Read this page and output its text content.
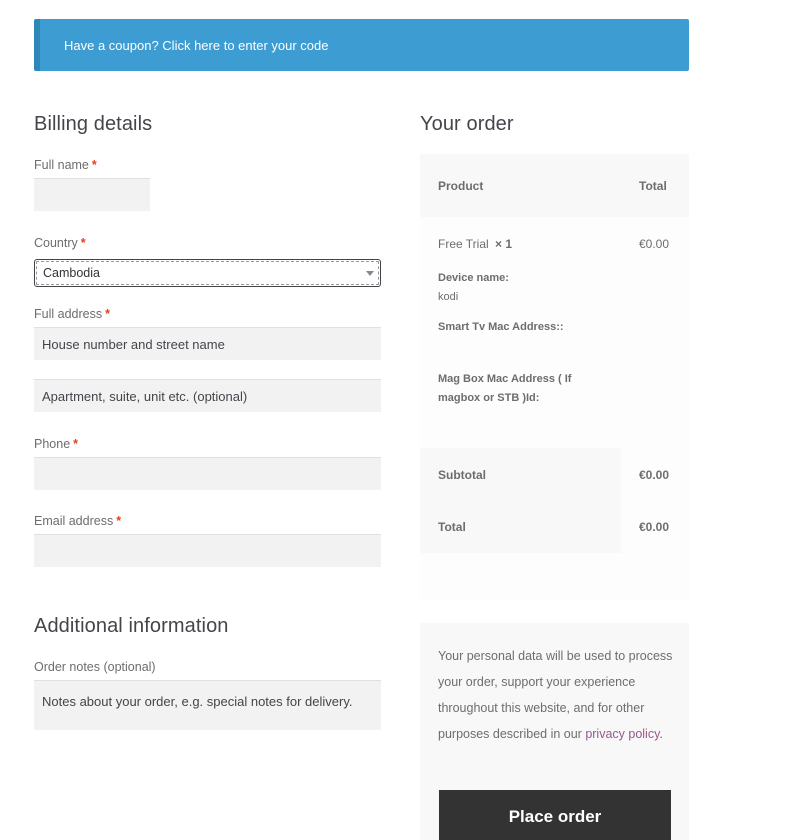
Have a coupon? Click here to enter your code
Billing details
Full name *
Country *
Cambodia
Full address *
House number and street name
Apartment, suite, unit etc. (optional)
Phone *
Email address *
Additional information
Order notes (optional)
Notes about your order, e.g. special notes for delivery.
Your order
Product	Total
Free Trial × 1	€0.00
Device name:
kodi
Smart Tv Mac Address::
Mag Box Mac Address ( If magbox or STB )Id:
Subtotal	€0.00
Total	€0.00
Your personal data will be used to process your order, support your experience throughout this website, and for other purposes described in our privacy policy.
Place order
